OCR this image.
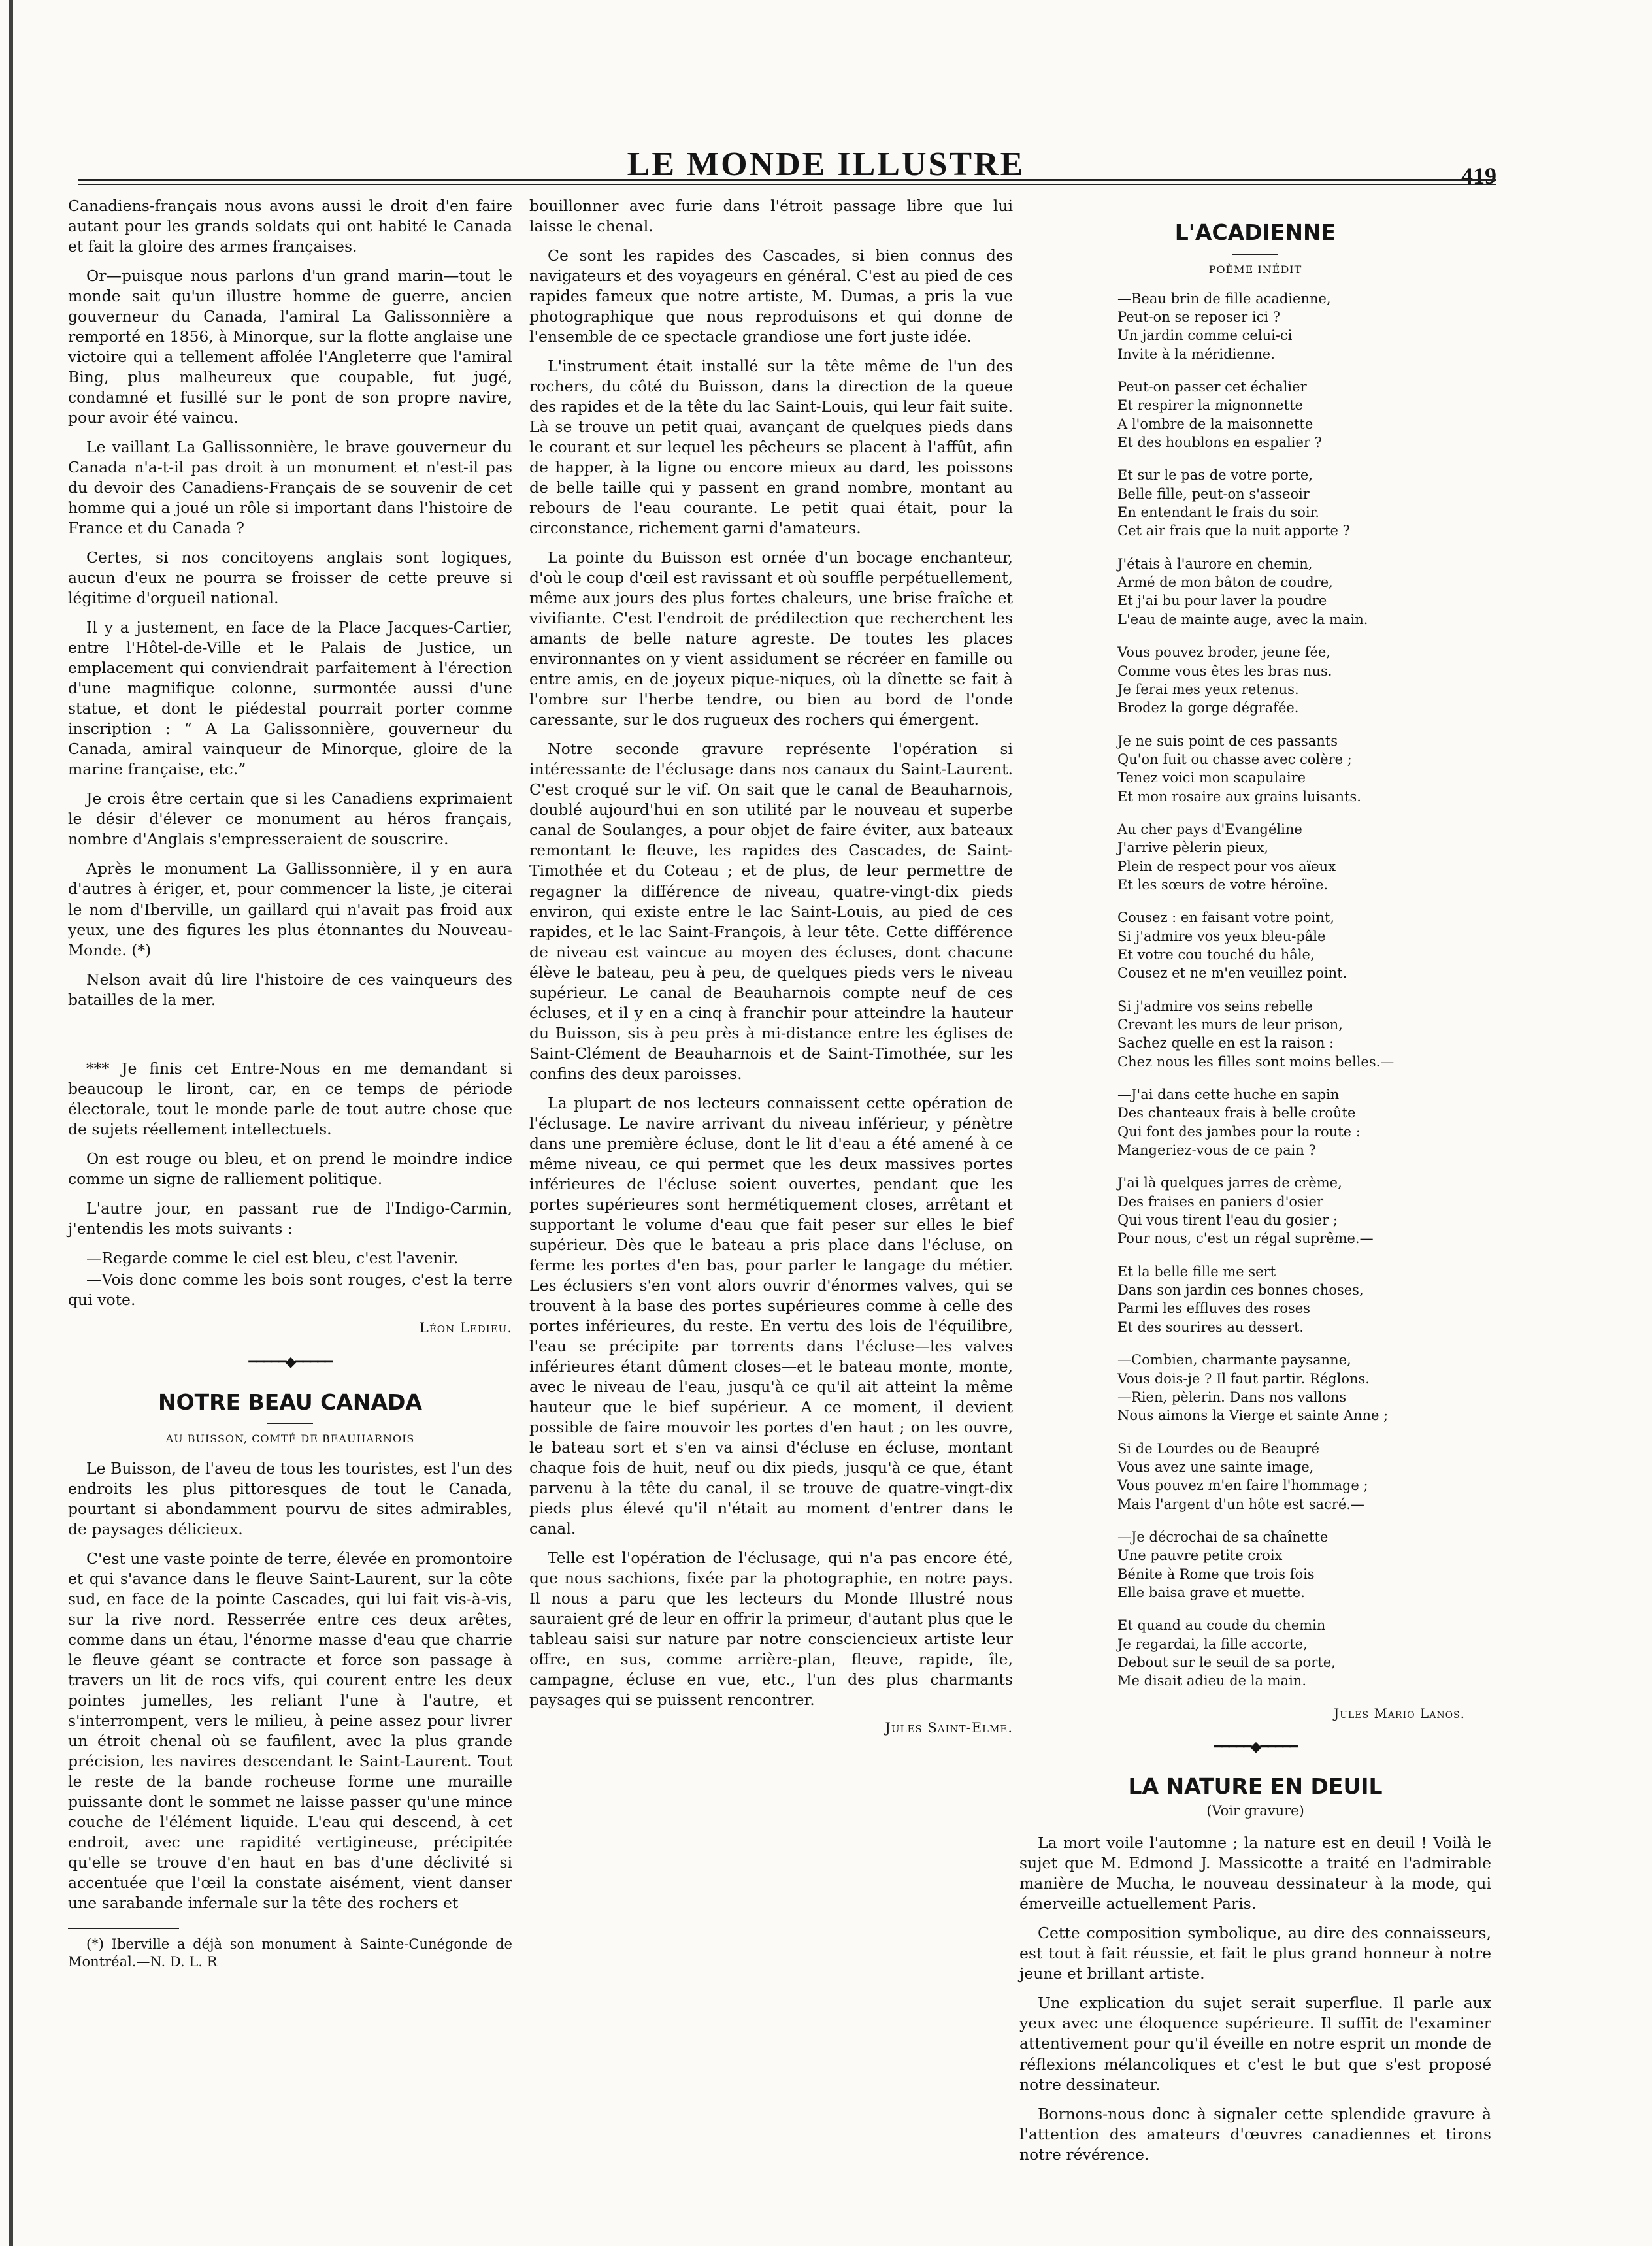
LE MONDE ILLUSTRE	419

Canadiens-français nous avons aussi le droit d'en faire autant pour les grands soldats qui ont habité le Canada et fait la gloire des armes françaises.

Or—puisque nous parlons d'un grand marin—tout le monde sait qu'un illustre homme de guerre, ancien gouverneur du Canada, l'amiral La Galissonnière a remporté en 1856, à Minorque, sur la flotte anglaise une victoire qui a tellement affolée l'Angleterre que l'amiral Bing, plus malheureux que coupable, fut jugé, condamné et fusillé sur le pont de son propre navire, pour avoir été vaincu.

Le vaillant La Gallissonnière, le brave gouverneur du Canada n'a-t-il pas droit à un monument et n'est-il pas du devoir des Canadiens-Français de se souvenir de cet homme qui a joué un rôle si important dans l'histoire de France et du Canada ?

Certes, si nos concitoyens anglais sont logiques, aucun d'eux ne pourra se froisser de cette preuve si légitime d'orgueil national.

Il y a justement, en face de la Place Jacques-Cartier, entre l'Hôtel-de-Ville et le Palais de Justice, un emplacement qui conviendrait parfaitement à l'érection d'une magnifique colonne, surmontée aussi d'une statue, et dont le piédestal pourrait porter comme inscription : “ A La Galissonnière, gouverneur du Canada, amiral vainqueur de Minorque, gloire de la marine française, etc.”

Je crois être certain que si les Canadiens exprimaient le désir d'élever ce monument au héros français, nombre d'Anglais s'empresseraient de souscrire.

Après le monument La Gallissonnière, il y en aura d'autres à ériger, et, pour commencer la liste, je citerai le nom d'Iberville, un gaillard qui n'avait pas froid aux yeux, une des figures les plus étonnantes du Nouveau-Monde. (*)

Nelson avait dû lire l'histoire de ces vainqueurs des batailles de la mer.

*** Je finis cet Entre-Nous en me demandant si beaucoup le liront, car, en ce temps de période électorale, tout le monde parle de tout autre chose que de sujets réellement intellectuels.

On est rouge ou bleu, et on prend le moindre indice comme un signe de ralliement politique.

L'autre jour, en passant rue de l'Indigo-Carmin, j'entendis les mots suivants :

—Regarde comme le ciel est bleu, c'est l'avenir.

—Vois donc comme les bois sont rouges, c'est la terre qui vote.

Léon Ledieu.

━━━━━◆━━━━━
NOTRE BEAU CANADA
AU BUISSON, COMTÉ DE BEAUHARNOIS

Le Buisson, de l'aveu de tous les touristes, est l'un des endroits les plus pittoresques de tout le Canada, pourtant si abondamment pourvu de sites admirables, de paysages délicieux.

C'est une vaste pointe de terre, élevée en promontoire et qui s'avance dans le fleuve Saint-Laurent, sur la côte sud, en face de la pointe Cascades, qui lui fait vis-à-vis, sur la rive nord. Resserrée entre ces deux arêtes, comme dans un étau, l'énorme masse d'eau que charrie le fleuve géant se contracte et force son passage à travers un lit de rocs vifs, qui courent entre les deux pointes jumelles, les reliant l'une à l'autre, et s'interrompent, vers le milieu, à peine assez pour livrer un étroit chenal où se faufilent, avec la plus grande précision, les navires descendant le Saint-Laurent. Tout le reste de la bande rocheuse forme une muraille puissante dont le sommet ne laisse passer qu'une mince couche de l'élément liquide. L'eau qui descend, à cet endroit, avec une rapidité vertigineuse, précipitée qu'elle se trouve d'en haut en bas d'une déclivité si accentuée que l'œil la constate aisément, vient danser une sarabande infernale sur la tête des rochers et

(*) Iberville a déjà son monument à Sainte-Cunégonde de Montréal.—N. D. L. R

bouillonner avec furie dans l'étroit passage libre que lui laisse le chenal.

Ce sont les rapides des Cascades, si bien connus des navigateurs et des voyageurs en général. C'est au pied de ces rapides fameux que notre artiste, M. Dumas, a pris la vue photographique que nous reproduisons et qui donne de l'ensemble de ce spectacle grandiose une fort juste idée.

L'instrument était installé sur la tête même de l'un des rochers, du côté du Buisson, dans la direction de la queue des rapides et de la tête du lac Saint-Louis, qui leur fait suite. Là se trouve un petit quai, avançant de quelques pieds dans le courant et sur lequel les pêcheurs se placent à l'affût, afin de happer, à la ligne ou encore mieux au dard, les poissons de belle taille qui y passent en grand nombre, montant au rebours de l'eau courante. Le petit quai était, pour la circonstance, richement garni d'amateurs.

La pointe du Buisson est ornée d'un bocage enchanteur, d'où le coup d'œil est ravissant et où souffle perpétuellement, même aux jours des plus fortes chaleurs, une brise fraîche et vivifiante. C'est l'endroit de prédilection que recherchent les amants de belle nature agreste. De toutes les places environnantes on y vient assidument se récréer en famille ou entre amis, en de joyeux pique-niques, où la dînette se fait à l'ombre sur l'herbe tendre, ou bien au bord de l'onde caressante, sur le dos rugueux des rochers qui émergent.

Notre seconde gravure représente l'opération si intéressante de l'éclusage dans nos canaux du Saint-Laurent. C'est croqué sur le vif. On sait que le canal de Beauharnois, doublé aujourd'hui en son utilité par le nouveau et superbe canal de Soulanges, a pour objet de faire éviter, aux bateaux remontant le fleuve, les rapides des Cascades, de Saint-Timothée et du Coteau ; et de plus, de leur permettre de regagner la différence de niveau, quatre-vingt-dix pieds environ, qui existe entre le lac Saint-Louis, au pied de ces rapides, et le lac Saint-François, à leur tête. Cette différence de niveau est vaincue au moyen des écluses, dont chacune élève le bateau, peu à peu, de quelques pieds vers le niveau supérieur. Le canal de Beauharnois compte neuf de ces écluses, et il y en a cinq à franchir pour atteindre la hauteur du Buisson, sis à peu près à mi-distance entre les églises de Saint-Clément de Beauharnois et de Saint-Timothée, sur les confins des deux paroisses.

La plupart de nos lecteurs connaissent cette opération de l'éclusage. Le navire arrivant du niveau inférieur, y pénètre dans une première écluse, dont le lit d'eau a été amené à ce même niveau, ce qui permet que les deux massives portes inférieures de l'écluse soient ouvertes, pendant que les portes supérieures sont hermétiquement closes, arrêtant et supportant le volume d'eau que fait peser sur elles le bief supérieur. Dès que le bateau a pris place dans l'écluse, on ferme les portes d'en bas, pour parler le langage du métier. Les éclusiers s'en vont alors ouvrir d'énormes valves, qui se trouvent à la base des portes supérieures comme à celle des portes inférieures, du reste. En vertu des lois de l'équilibre, l'eau se précipite par torrents dans l'écluse—les valves inférieures étant dûment closes—et le bateau monte, monte, avec le niveau de l'eau, jusqu'à ce qu'il ait atteint la même hauteur que le bief supérieur. A ce moment, il devient possible de faire mouvoir les portes d'en haut ; on les ouvre, le bateau sort et s'en va ainsi d'écluse en écluse, montant chaque fois de huit, neuf ou dix pieds, jusqu'à ce que, étant parvenu à la tête du canal, il se trouve de quatre-vingt-dix pieds plus élevé qu'il n'était au moment d'entrer dans le canal.

Telle est l'opération de l'éclusage, qui n'a pas encore été, que nous sachions, fixée par la photographie, en notre pays. Il nous a paru que les lecteurs du Monde Illustré nous sauraient gré de leur en offrir la primeur, d'autant plus que le tableau saisi sur nature par notre consciencieux artiste leur offre, en sus, comme arrière-plan, fleuve, rapide, île, campagne, écluse en vue, etc., l'un des plus charmants paysages qui se puissent rencontrer.

Jules Saint-Elme.

L'ACADIENNE
POÈME INÉDIT
—Beau brin de fille acadienne,
Peut-on se reposer ici ?
Un jardin comme celui-ci
Invite à la méridienne.
Peut-on passer cet échalier
Et respirer la mignonnette
A l'ombre de la maisonnette
Et des houblons en espalier ?
Et sur le pas de votre porte,
Belle fille, peut-on s'asseoir
En entendant le frais du soir.
Cet air frais que la nuit apporte ?
J'étais à l'aurore en chemin,
Armé de mon bâton de coudre,
Et j'ai bu pour laver la poudre
L'eau de mainte auge, avec la main.
Vous pouvez broder, jeune fée,
Comme vous êtes les bras nus.
Je ferai mes yeux retenus.
Brodez la gorge dégrafée.
Je ne suis point de ces passants
Qu'on fuit ou chasse avec colère ;
Tenez voici mon scapulaire
Et mon rosaire aux grains luisants.
Au cher pays d'Evangéline
J'arrive pèlerin pieux,
Plein de respect pour vos aïeux
Et les sœurs de votre héroïne.
Cousez : en faisant votre point,
Si j'admire vos yeux bleu-pâle
Et votre cou touché du hâle,
Cousez et ne m'en veuillez point.
Si j'admire vos seins rebelle
Crevant les murs de leur prison,
Sachez quelle en est la raison :
Chez nous les filles sont moins belles.—
—J'ai dans cette huche en sapin
Des chanteaux frais à belle croûte
Qui font des jambes pour la route :
Mangeriez-vous de ce pain ?
J'ai là quelques jarres de crème,
Des fraises en paniers d'osier
Qui vous tirent l'eau du gosier ;
Pour nous, c'est un régal suprême.—
Et la belle fille me sert
Dans son jardin ces bonnes choses,
Parmi les effluves des roses
Et des sourires au dessert.
—Combien, charmante paysanne,
Vous dois-je ? Il faut partir. Réglons.
—Rien, pèlerin. Dans nos vallons
Nous aimons la Vierge et sainte Anne ;
Si de Lourdes ou de Beaupré
Vous avez une sainte image,
Vous pouvez m'en faire l'hommage ;
Mais l'argent d'un hôte est sacré.—
—Je décrochai de sa chaînette
Une pauvre petite croix
Bénite à Rome que trois fois
Elle baisa grave et muette.
Et quand au coude du chemin
Je regardai, la fille accorte,
Debout sur le seuil de sa porte,
Me disait adieu de la main.
Jules Mario Lanos.
━━━━━◆━━━━━
LA NATURE EN DEUIL
(Voir gravure)

La mort voile l'automne ; la nature est en deuil ! Voilà le sujet que M. Edmond J. Massicotte a traité en l'admirable manière de Mucha, le nouveau dessinateur à la mode, qui émerveille actuellement Paris.

Cette composition symbolique, au dire des connaisseurs, est tout à fait réussie, et fait le plus grand honneur à notre jeune et brillant artiste.

Une explication du sujet serait superflue. Il parle aux yeux avec une éloquence supérieure. Il suffit de l'examiner attentivement pour qu'il éveille en notre esprit un monde de réflexions mélancoliques et c'est le but que s'est proposé notre dessinateur.

Bornons-nous donc à signaler cette splendide gravure à l'attention des amateurs d'œuvres canadiennes et tirons notre révérence.
